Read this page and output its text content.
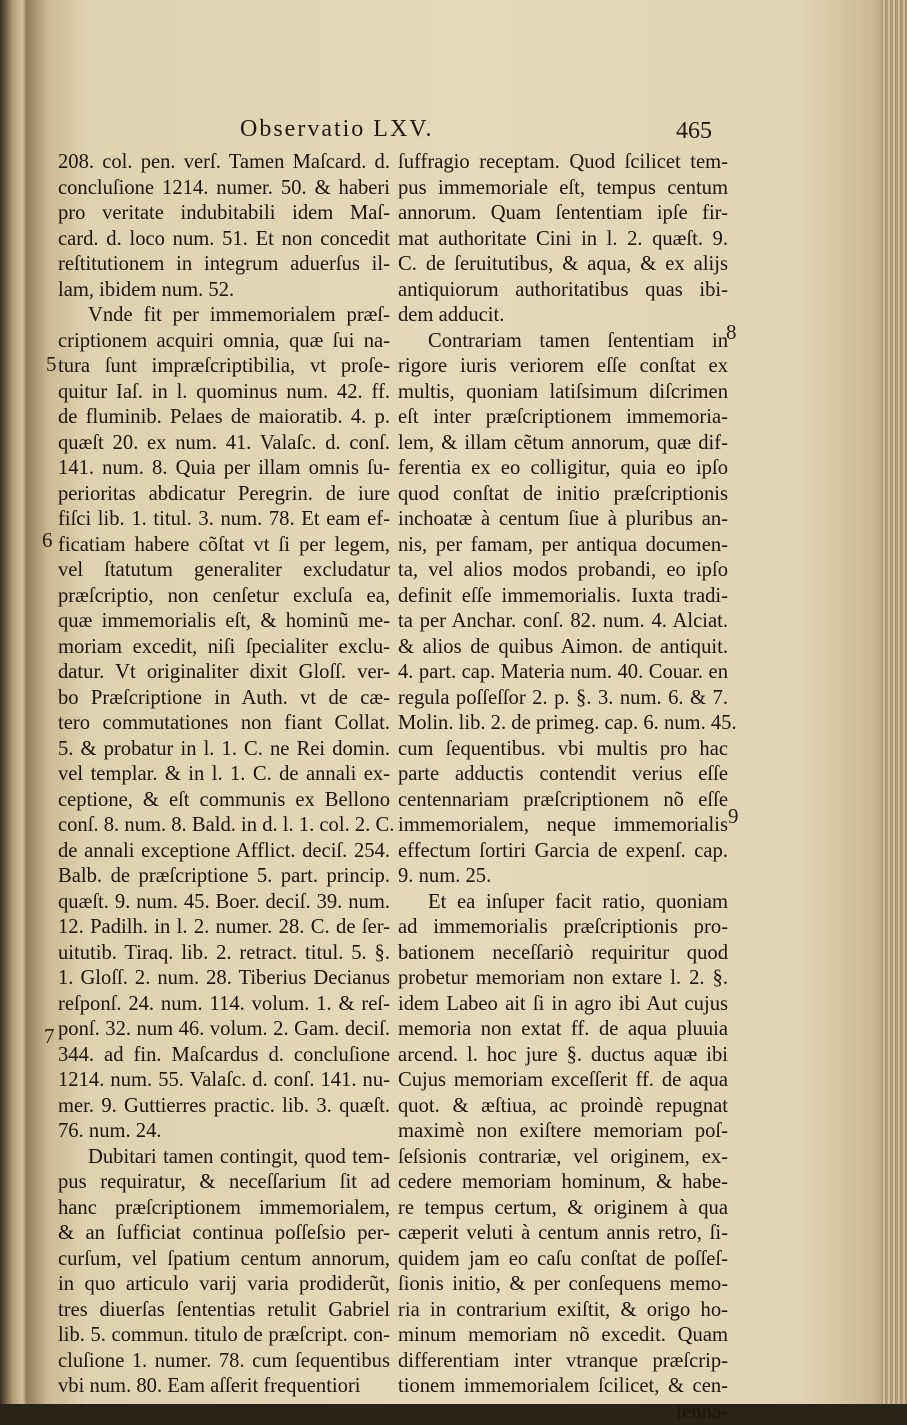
Observatio LXV.	465
208. col. pen. verſ. Tamen Maſcard. d.
concluſione 1214. numer. 50. & haberi
pro veritate indubitabili idem Maſ-
card. d. loco num. 51. Et non concedit
reſtitutionem in integrum aduerſus il-
lam, ibidem num. 52.
Vnde fit per immemorialem præſ-
criptionem acquiri omnia, quæ ſui na-
tura ſunt impræſcriptibilia, vt proſe-
quitur Iaſ. in l. quominus num. 42. ff.
de fluminib. Pelaes de maioratib. 4. p.
quæſt 20. ex num. 41. Valaſc. d. conſ.
141. num. 8. Quia per illam omnis ſu-
perioritas abdicatur Peregrin. de iure
fiſci lib. 1. titul. 3. num. 78. Et eam ef-
ficatiam habere cõſtat vt ſi per legem,
vel ſtatutum generaliter excludatur
præſcriptio, non cenſetur excluſa ea,
quæ immemorialis eſt, & hominũ me-
moriam excedit, niſi ſpecialiter exclu-
datur. Vt originaliter dixit Gloſſ. ver-
bo Præſcriptione in Auth. vt de cæ-
tero commutationes non fiant Collat.
5. & probatur in l. 1. C. ne Rei domin.
vel templar. & in l. 1. C. de annali ex-
ceptione, & eſt communis ex Bellono
conſ. 8. num. 8. Bald. in d. l. 1. col. 2. C.
de annali exceptione Afflict. deciſ. 254.
Balb. de præſcriptione 5. part. princip.
quæſt. 9. num. 45. Boer. deciſ. 39. num.
12. Padilh. in l. 2. numer. 28. C. de ſer-
uitutib. Tiraq. lib. 2. retract. titul. 5. §.
1. Gloſſ. 2. num. 28. Tiberius Decianus
reſponſ. 24. num. 114. volum. 1. & reſ-
ponſ. 32. num 46. volum. 2. Gam. deciſ.
344. ad fin. Maſcardus d. concluſione
1214. num. 55. Valaſc. d. conſ. 141. nu-
mer. 9. Guttierres practic. lib. 3. quæſt.
76. num. 24.
Dubitari tamen contingit, quod tem-
pus requiratur, & neceſſarium ſit ad
hanc præſcriptionem immemorialem,
& an ſufficiat continua poſſeſsio per-
curſum, vel ſpatium centum annorum,
in quo articulo varij varia prodiderũt,
tres diuerſas ſententias retulit Gabriel
lib. 5. commun. titulo de præſcript. con-
cluſione 1. numer. 78. cum ſequentibus
vbi num. 80. Eam aſſerit frequentiori
ſuffragio receptam. Quod ſcilicet tem-
pus immemoriale eſt, tempus centum
annorum. Quam ſententiam ipſe fir-
mat authoritate Cini in l. 2. quæſt. 9.
C. de ſeruitutibus, & aqua, & ex alijs
antiquiorum authoritatibus quas ibi-
dem adducit.
Contrariam tamen ſententiam in
rigore iuris veriorem eſſe conſtat ex
multis, quoniam latiſsimum diſcrimen
eſt inter præſcriptionem immemoria-
lem, & illam cẽtum annorum, quæ dif-
ferentia ex eo colligitur, quia eo ipſo
quod conſtat de initio præſcriptionis
inchoatæ à centum ſiue à pluribus an-
nis, per famam, per antiqua documen-
ta, vel alios modos probandi, eo ipſo
definit eſſe immemorialis. Iuxta tradi-
ta per Anchar. conſ. 82. num. 4. Alciat.
& alios de quibus Aimon. de antiquit.
4. part. cap. Materia num. 40. Couar. en
regula poſſeſſor 2. p. §. 3. num. 6. & 7.
Molin. lib. 2. de primeg. cap. 6. num. 45.
cum ſequentibus. vbi multis pro hac
parte adductis contendit verius eſſe
centennariam præſcriptionem nõ eſſe
immemorialem, neque immemorialis
effectum ſortiri Garcia de expenſ. cap.
9. num. 25.
Et ea inſuper facit ratio, quoniam
ad immemorialis præſcriptionis pro-
bationem neceſſariò requiritur quod
probetur memoriam non extare l. 2. §.
idem Labeo ait ſi in agro ibi Aut cujus
memoria non extat ff. de aqua pluuia
arcend. l. hoc jure §. ductus aquæ ibi
Cujus memoriam exceſſerit ff. de aqua
quot. & æſtiua, ac proindè repugnat
maximè non exiſtere memoriam poſ-
ſeſsionis contrariæ, vel originem, ex-
cedere memoriam hominum, & habe-
re tempus certum, & originem à qua
cæperit veluti à centum annis retro, ſi-
quidem jam eo caſu conſtat de poſſeſ-
ſionis initio, & per conſequens memo-
ria in contrarium exiſtit, & origo ho-
minum memoriam nõ excedit. Quam
differentiam inter vtranque præſcrip-
tionem immemorialem ſcilicet, & cen-
tenna-
5
6
7
8
9
